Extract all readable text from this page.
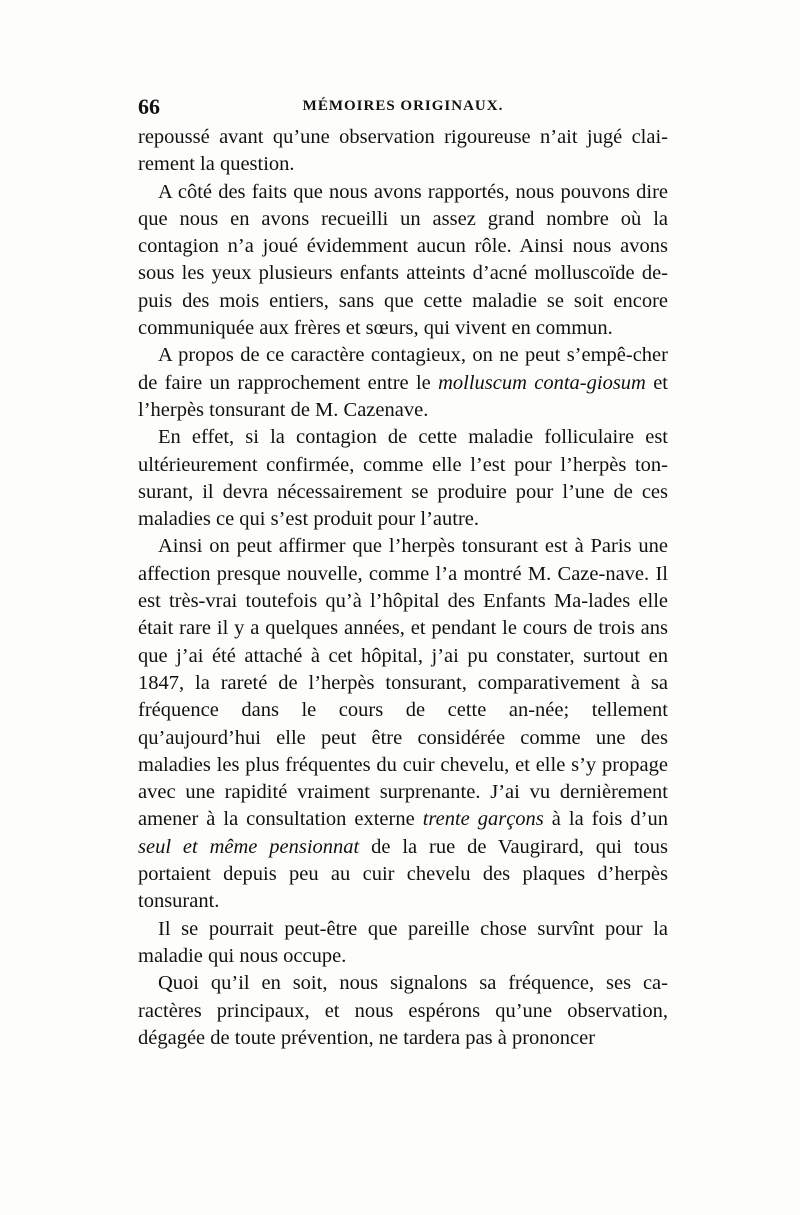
66	MÉMOIRES ORIGINAUX.

repoussé avant qu’une observation rigoureuse n’ait jugé clai-rement la question.

A côté des faits que nous avons rapportés, nous pouvons dire que nous en avons recueilli un assez grand nombre où la contagion n’a joué évidemment aucun rôle. Ainsi nous avons sous les yeux plusieurs enfants atteints d’acné molluscoïde de-puis des mois entiers, sans que cette maladie se soit encore communiquée aux frères et sœurs, qui vivent en commun.

A propos de ce caractère contagieux, on ne peut s’empê-cher de faire un rapprochement entre le molluscum conta-giosum et l’herpès tonsurant de M. Cazenave.

En effet, si la contagion de cette maladie folliculaire est ultérieurement confirmée, comme elle l’est pour l’herpès ton-surant, il devra nécessairement se produire pour l’une de ces maladies ce qui s’est produit pour l’autre.

Ainsi on peut affirmer que l’herpès tonsurant est à Paris une affection presque nouvelle, comme l’a montré M. Caze-nave. Il est très-vrai toutefois qu’à l’hôpital des Enfants Ma-lades elle était rare il y a quelques années, et pendant le cours de trois ans que j’ai été attaché à cet hôpital, j’ai pu constater, surtout en 1847, la rareté de l’herpès tonsurant, comparativement à sa fréquence dans le cours de cette an-née; tellement qu’aujourd’hui elle peut être considérée comme une des maladies les plus fréquentes du cuir chevelu, et elle s’y propage avec une rapidité vraiment surprenante. J’ai vu dernièrement amener à la consultation externe trente garçons à la fois d’un seul et même pensionnat de la rue de Vaugirard, qui tous portaient depuis peu au cuir chevelu des plaques d’herpès tonsurant.

Il se pourrait peut-être que pareille chose survînt pour la maladie qui nous occupe.

Quoi qu’il en soit, nous signalons sa fréquence, ses ca-ractères principaux, et nous espérons qu’une observation, dégagée de toute prévention, ne tardera pas à prononcer
